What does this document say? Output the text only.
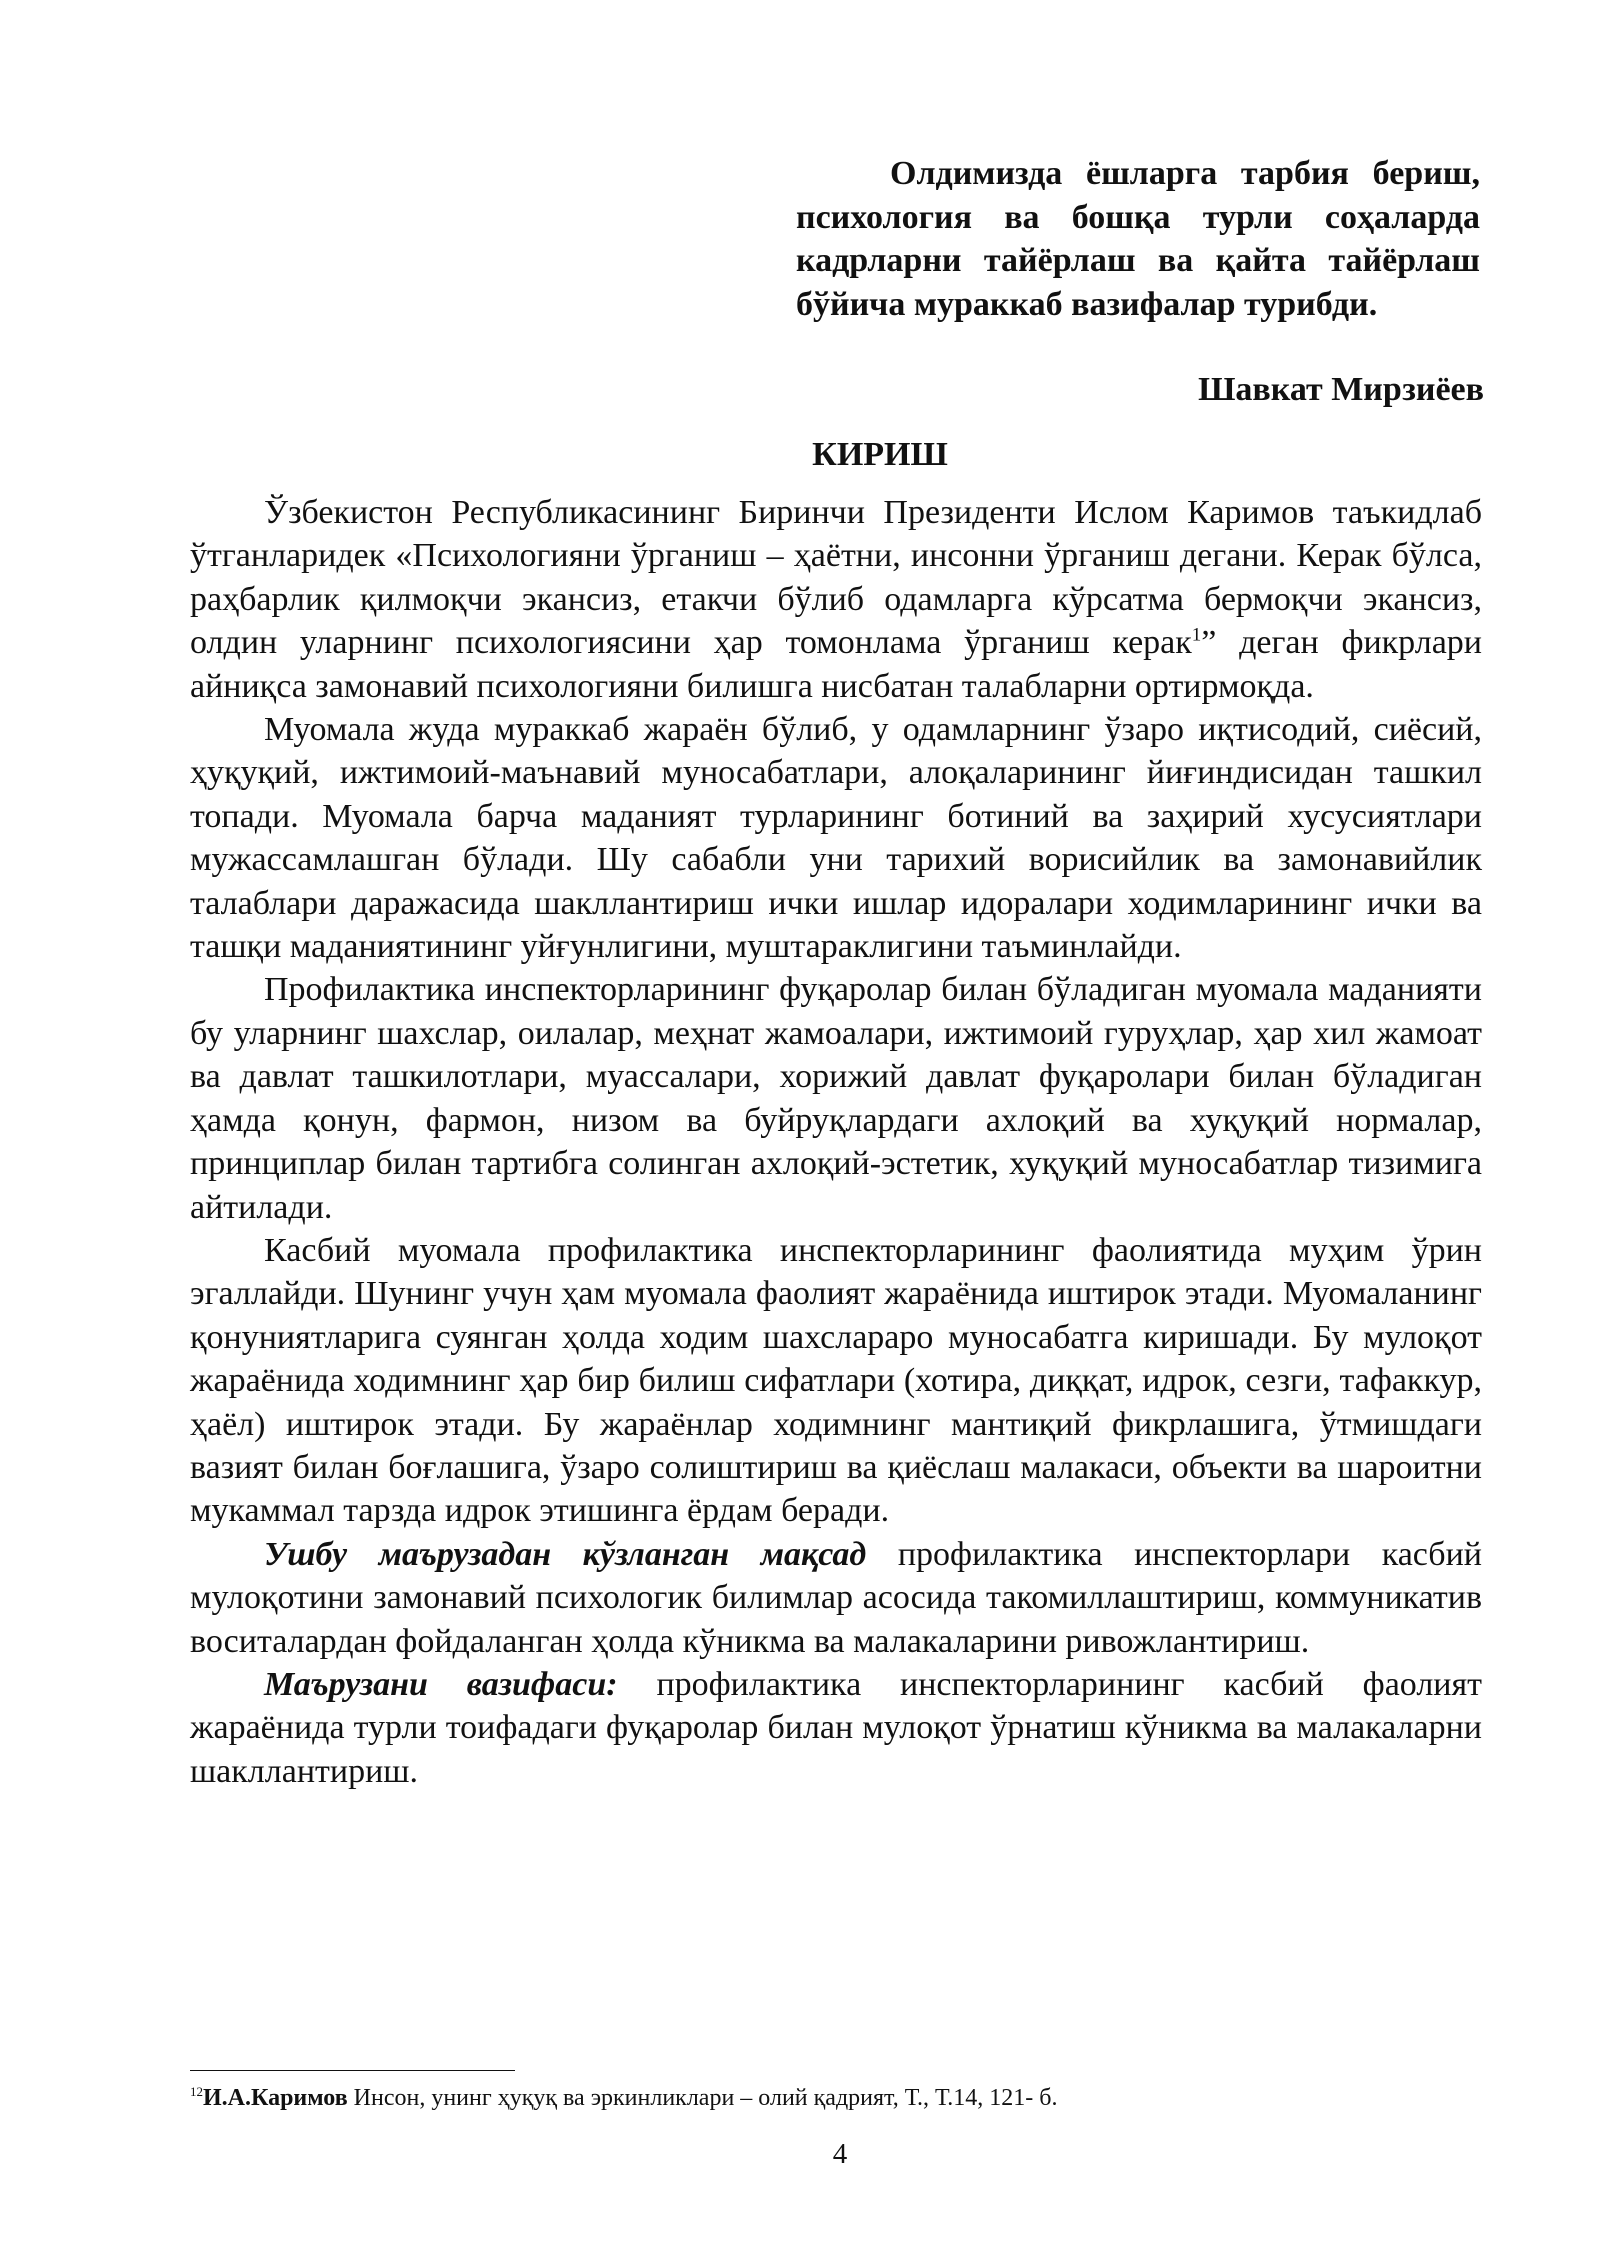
Олдимизда ёшларга тарбия бериш, психология ва бошқа турли соҳаларда кадрларни тайёрлаш ва қайта тайёрлаш бўйича мураккаб вазифалар турибди.
Шавкат Мирзиёев
КИРИШ

Ўзбекистон Республикасининг Биринчи Президенти Ислом Каримов таъкидлаб ўтганларидек «Психологияни ўрганиш – ҳаётни, инсонни ўрганиш дегани. Керак бўлса, раҳбарлик қилмоқчи экансиз, етакчи бўлиб одамларга кўрсатма бермоқчи экансиз, олдин уларнинг психологиясини ҳар томонлама ўрганиш керак$^1$” деган фикрлари айниқса замонавий психологияни билишга нисбатан талабларни ортирмоқда.

Муомала жуда мураккаб жараён бўлиб, у одамларнинг ўзаро иқтисодий, сиёсий, ҳуқуқий, ижтимоий-маънавий муносабатлари, алоқаларининг йиғиндисидан ташкил топади. Муомала барча маданият турларининг ботиний ва заҳирий хусусиятлари мужассамлашган бўлади. Шу сабабли уни тарихий ворисийлик ва замонавийлик талаблари даражасида шакллантириш ички ишлар идоралари ходимларининг ички ва ташқи маданиятининг уйғунлигини, муштараклигини таъминлайди.

Профилактика инспекторларининг фуқаролар билан бўладиган муомала маданияти бу уларнинг шахслар, оилалар, меҳнат жамоалари, ижтимоий гуруҳлар, ҳар хил жамоат ва давлат ташкилотлари, муассалари, хорижий давлат фуқаролари билан бўладиган ҳамда қонун, фармон, низом ва буйруқлардаги ахлоқий ва хуқуқий нормалар, принциплар билан тартибга солинган ахлоқий-эстетик, хуқуқий муносабатлар тизимига айтилади.

Касбий муомала профилактика инспекторларининг фаолиятида муҳим ўрин эгаллайди. Шунинг учун ҳам муомала фаолият жараёнида иштирок этади. Муомаланинг қонуниятларига суянган ҳолда ходим шахслараро муносабатга киришади. Бу мулоқот жараёнида ходимнинг ҳар бир билиш сифатлари (хотира, диққат, идрок, сезги, тафаккур, ҳаёл) иштирок этади. Бу жараёнлар ходимнинг мантиқий фикрлашига, ўтмишдаги вазият билан боғлашига, ўзаро солиштириш ва қиёслаш малакаси, объекти ва шароитни мукаммал тарзда идрок этишинга ёрдам беради.

Ушбу маърузадан кўзланган мақсад профилактика инспекторлари касбий мулоқотини замонавий психологик билимлар асосида такомиллаштириш, коммуникатив воситалардан фойдаланган ҳолда кўникма ва малакаларини ривожлантириш.

Маърузани вазифаси: профилактика инспекторларининг касбий фаолият жараёнида турли тоифадаги фуқаролар билан мулоқот ўрнатиш кўникма ва малакаларни шакллантириш.

$^{12}$И.А.Каримов Инсон, унинг ҳуқуқ ва эркинликлари – олий қадрият, Т., Т.14, 121- б.
4
